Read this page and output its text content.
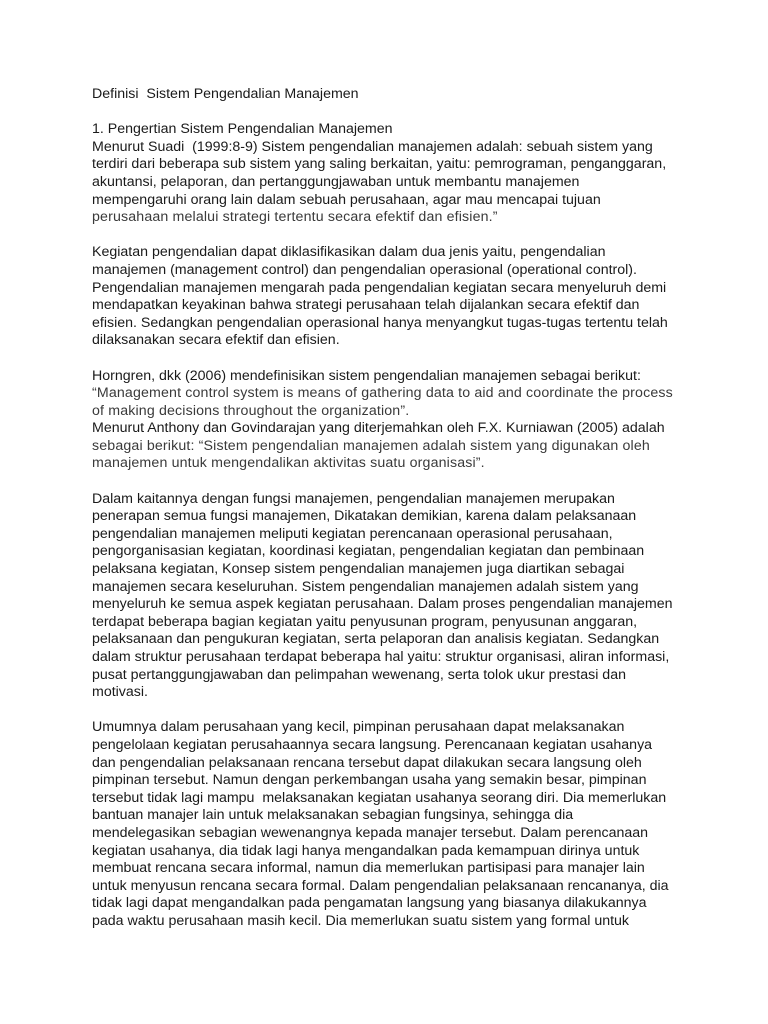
Definisi  Sistem Pengendalian Manajemen
1. Pengertian Sistem Pengendalian Manajemen
Menurut Suadi  (1999:8-9) Sistem pengendalian manajemen adalah: sebuah sistem yang
terdiri dari beberapa sub sistem yang saling berkaitan, yaitu: pemrograman, penganggaran,
akuntansi, pelaporan, dan pertanggungjawaban untuk membantu manajemen
mempengaruhi orang lain dalam sebuah perusahaan, agar mau mencapai tujuan
perusahaan melalui strategi tertentu secara efektif dan efisien.”
Kegiatan pengendalian dapat diklasifikasikan dalam dua jenis yaitu, pengendalian
manajemen (management control) dan pengendalian operasional (operational control).
Pengendalian manajemen mengarah pada pengendalian kegiatan secara menyeluruh demi
mendapatkan keyakinan bahwa strategi perusahaan telah dijalankan secara efektif dan
efisien. Sedangkan pengendalian operasional hanya menyangkut tugas-tugas tertentu telah
dilaksanakan secara efektif dan efisien.
Horngren, dkk (2006) mendefinisikan sistem pengendalian manajemen sebagai berikut:
“Management control system is means of gathering data to aid and coordinate the process
of making decisions throughout the organization”.
Menurut Anthony dan Govindarajan yang diterjemahkan oleh F.X. Kurniawan (2005) adalah
sebagai berikut: “Sistem pengendalian manajemen adalah sistem yang digunakan oleh
manajemen untuk mengendalikan aktivitas suatu organisasi”.
Dalam kaitannya dengan fungsi manajemen, pengendalian manajemen merupakan
penerapan semua fungsi manajemen, Dikatakan demikian, karena dalam pelaksanaan
pengendalian manajemen meliputi kegiatan perencanaan operasional perusahaan,
pengorganisasian kegiatan, koordinasi kegiatan, pengendalian kegiatan dan pembinaan
pelaksana kegiatan, Konsep sistem pengendalian manajemen juga diartikan sebagai
manajemen secara keseluruhan. Sistem pengendalian manajemen adalah sistem yang
menyeluruh ke semua aspek kegiatan perusahaan. Dalam proses pengendalian manajemen
terdapat beberapa bagian kegiatan yaitu penyusunan program, penyusunan anggaran,
pelaksanaan dan pengukuran kegiatan, serta pelaporan dan analisis kegiatan. Sedangkan
dalam struktur perusahaan terdapat beberapa hal yaitu: struktur organisasi, aliran informasi,
pusat pertanggungjawaban dan pelimpahan wewenang, serta tolok ukur prestasi dan
motivasi.
Umumnya dalam perusahaan yang kecil, pimpinan perusahaan dapat melaksanakan
pengelolaan kegiatan perusahaannya secara langsung. Perencanaan kegiatan usahanya
dan pengendalian pelaksanaan rencana tersebut dapat dilakukan secara langsung oleh
pimpinan tersebut. Namun dengan perkembangan usaha yang semakin besar, pimpinan
tersebut tidak lagi mampu  melaksanakan kegiatan usahanya seorang diri. Dia memerlukan
bantuan manajer lain untuk melaksanakan sebagian fungsinya, sehingga dia
mendelegasikan sebagian wewenangnya kepada manajer tersebut. Dalam perencanaan
kegiatan usahanya, dia tidak lagi hanya mengandalkan pada kemampuan dirinya untuk
membuat rencana secara informal, namun dia memerlukan partisipasi para manajer lain
untuk menyusun rencana secara formal. Dalam pengendalian pelaksanaan rencananya, dia
tidak lagi dapat mengandalkan pada pengamatan langsung yang biasanya dilakukannya
pada waktu perusahaan masih kecil. Dia memerlukan suatu sistem yang formal untuk
